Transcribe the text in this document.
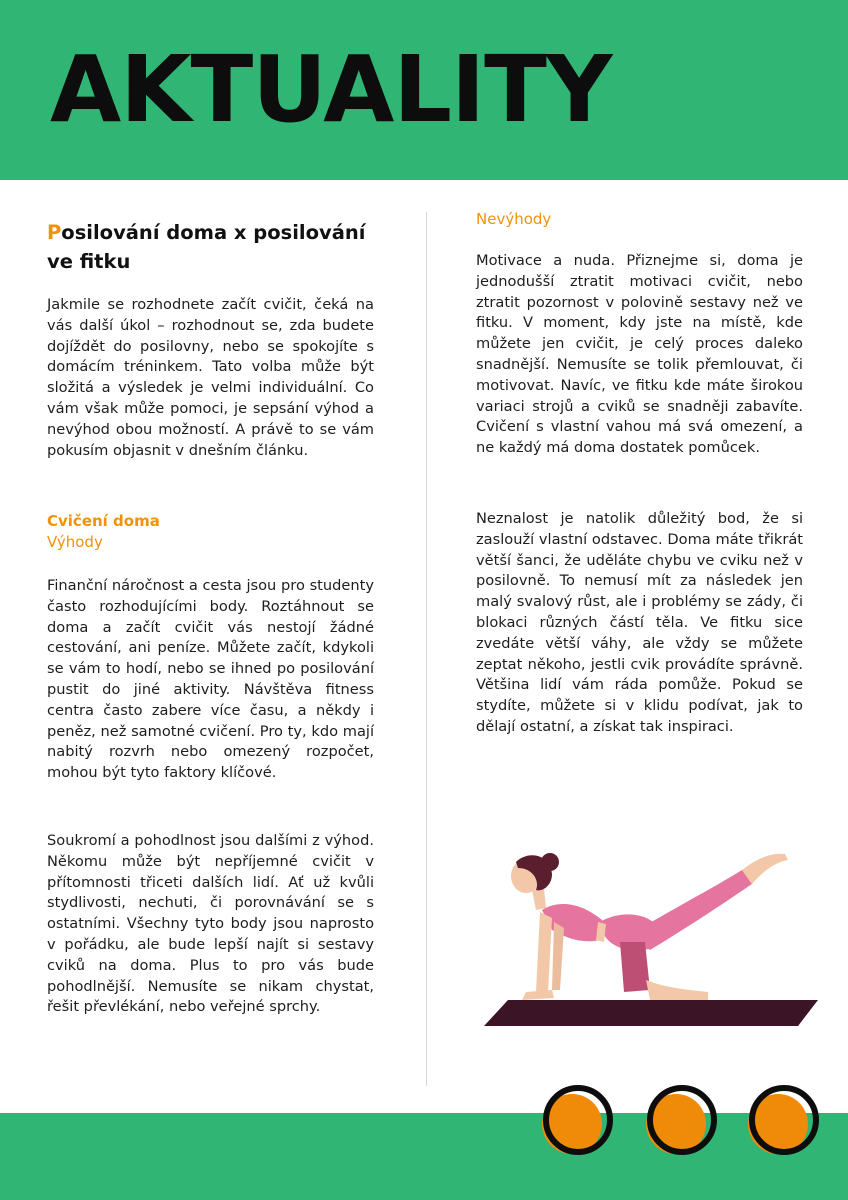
AKTUALITY
Posilování doma x posilování ve fitku

Jakmile se rozhodnete začít cvičit, čeká na vás další úkol – rozhodnout se, zda budete dojíždět do posilovny, nebo se spokojíte s domácím tréninkem. Tato volba může být složitá a výsledek je velmi individuální. Co vám však může pomoci, je sepsání výhod a nevýhod obou možností. A právě to se vám pokusím objasnit v dnešním článku.

Cvičení doma
Výhody

Finanční náročnost a cesta jsou pro studenty často rozhodujícími body. Roztáhnout se doma a začít cvičit vás nestojí žádné cestování, ani peníze. Můžete začít, kdykoli se vám to hodí, nebo se ihned po posilování pustit do jiné aktivity. Návštěva fitness centra často zabere více času, a někdy i peněz, než samotné cvičení. Pro ty, kdo mají nabitý rozvrh nebo omezený rozpočet, mohou být tyto faktory klíčové.

Soukromí a pohodlnost jsou dalšími z výhod. Někomu může být nepříjemné cvičit v přítomnosti třiceti dalších lidí. Ať už kvůli stydlivosti, nechuti, či porovnávání se s ostatními. Všechny tyto body jsou naprosto v pořádku, ale bude lepší najít si sestavy cviků na doma. Plus to pro vás bude pohodlnější. Nemusíte se nikam chystat, řešit převlékání, nebo veřejné sprchy.

Nevýhody

Motivace a nuda. Přiznejme si, doma je jednodušší ztratit motivaci cvičit, nebo ztratit pozornost v polovině sestavy než ve fitku. V moment, kdy jste na místě, kde můžete jen cvičit, je celý proces daleko snadnější. Nemusíte se tolik přemlouvat, či motivovat. Navíc, ve fitku kde máte širokou variaci strojů a cviků se snadněji zabavíte. Cvičení s vlastní vahou má svá omezení, a ne každý má doma dostatek pomůcek.

Neznalost je natolik důležitý bod, že si zaslouží vlastní odstavec. Doma máte třikrát větší šanci, že uděláte chybu ve cviku než v posilovně. To nemusí mít za následek jen malý svalový růst, ale i problémy se zády, či blokaci různých částí těla. Ve fitku sice zvedáte větší váhy, ale vždy se můžete zeptat někoho, jestli cvik provádíte správně. Většina lidí vám ráda pomůže. Pokud se stydíte, můžete si v klidu podívat, jak to dělají ostatní, a získat tak inspiraci.
